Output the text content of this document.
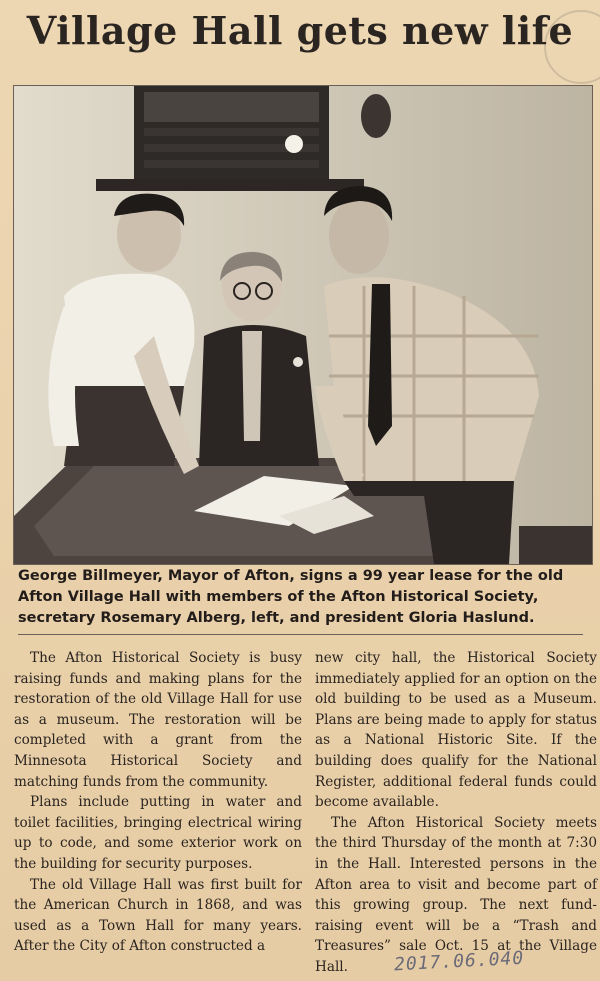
Village Hall gets new life
George Billmeyer, Mayor of Afton, signs a 99 year lease for the old Afton Village Hall with members of the Afton Historical Society, secretary Rosemary Alberg, left, and president Gloria Haslund.

The Afton Historical Society is busy raising funds and making plans for the restoration of the old Village Hall for use as a museum. The restoration will be completed with a grant from the Minnesota Historical Society and matching funds from the community.

Plans include putting in water and toilet facilities, bringing electrical wiring up to code, and some exterior work on the building for security purposes.

The old Village Hall was first built for the American Church in 1868, and was used as a Town Hall for many years. After the City of Afton constructed a

new city hall, the Historical Society immediately applied for an option on the old building to be used as a Museum. Plans are being made to apply for status as a National Historic Site. If the building does qualify for the National Register, additional federal funds could become available.

The Afton Historical Society meets the third Thursday of the month at 7:30 in the Hall. Interested persons in the Afton area to visit and become part of this growing group. The next fund-raising event will be a “Trash and Treasures” sale Oct. 15 at the Village Hall.	2017.06.040
